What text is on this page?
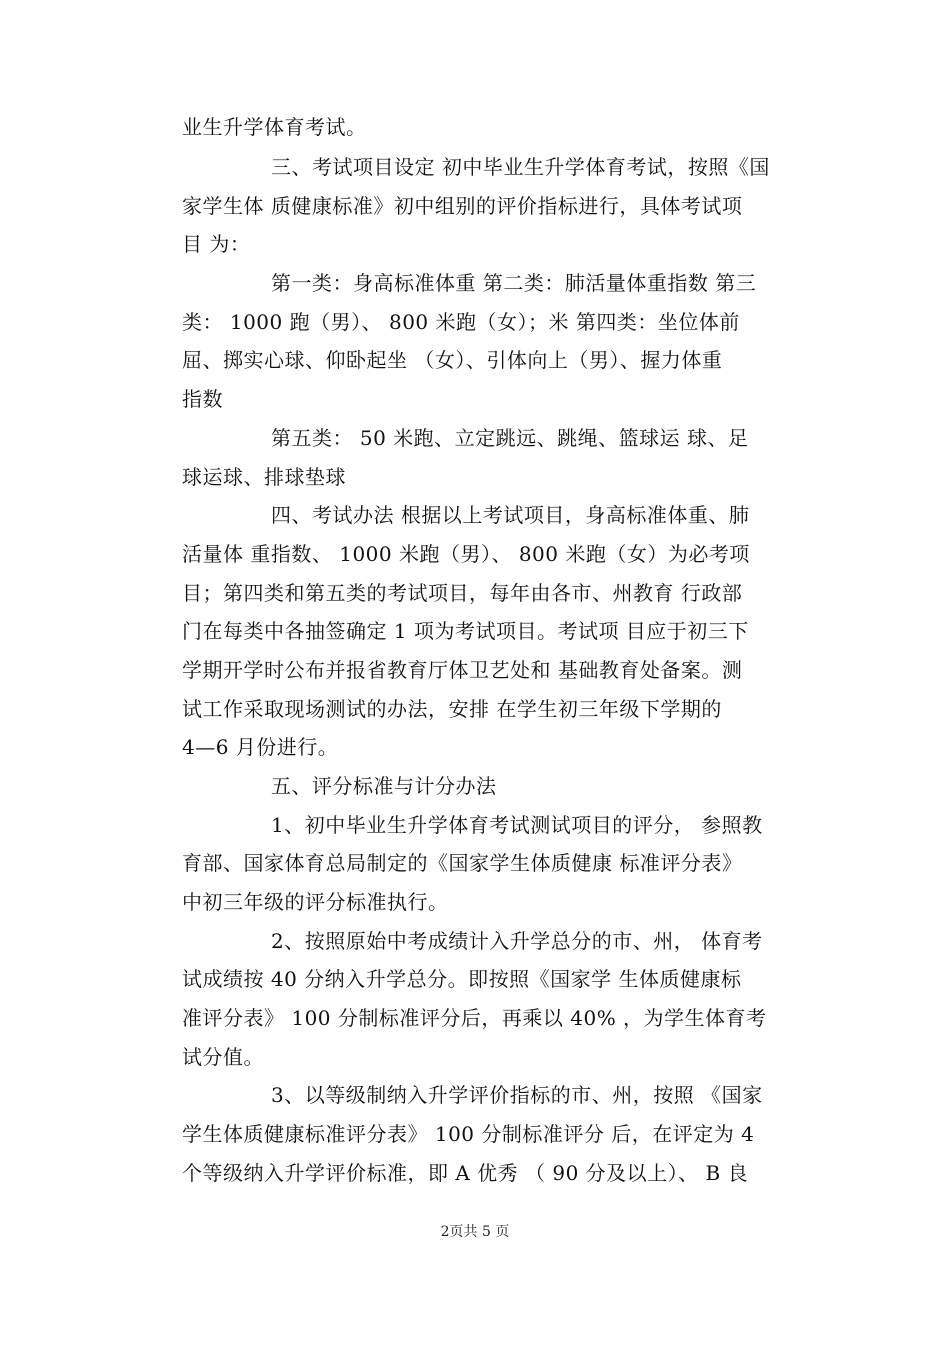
业生升学体育考试。
三、考试项目设定 初中毕业生升学体育考试，按照《国
家学生体 质健康标准》初中组别的评价指标进行，具体考试项
目 为：
第一类：身高标准体重 第二类：肺活量体重指数 第三
类： 1000 跑（男）、 800 米跑（女）；米 第四类：坐位体前
屈、掷实心球、仰卧起坐 （女）、引体向上（男）、握力体重
指数
第五类： 50 米跑、立定跳远、跳绳、篮球运 球、足
球运球、排球垫球
四、考试办法 根据以上考试项目，身高标准体重、肺
活量体 重指数、 1000 米跑（男）、 800 米跑（女）为必考项
目；第四类和第五类的考试项目，每年由各市、州教育 行政部
门在每类中各抽签确定 1 项为考试项目。考试项 目应于初三下
学期开学时公布并报省教育厅体卫艺处和 基础教育处备案。测
试工作采取现场测试的办法，安排 在学生初三年级下学期的
4—6 月份进行。
五、评分标准与计分办法
1、初中毕业生升学体育考试测试项目的评分， 参照教
育部、国家体育总局制定的《国家学生体质健康 标准评分表》
中初三年级的评分标准执行。
2、按照原始中考成绩计入升学总分的市、州， 体育考
试成绩按 40 分纳入升学总分。即按照《国家学 生体质健康标
准评分表》 100 分制标准评分后，再乘以 40% ，为学生体育考
试分值。
3、以等级制纳入升学评价指标的市、州，按照 《国家
学生体质健康标准评分表》 100 分制标准评分 后，在评定为 4
个等级纳入升学评价标准，即 A 优秀 （ 90 分及以上）、 B 良
2页共 5 页
